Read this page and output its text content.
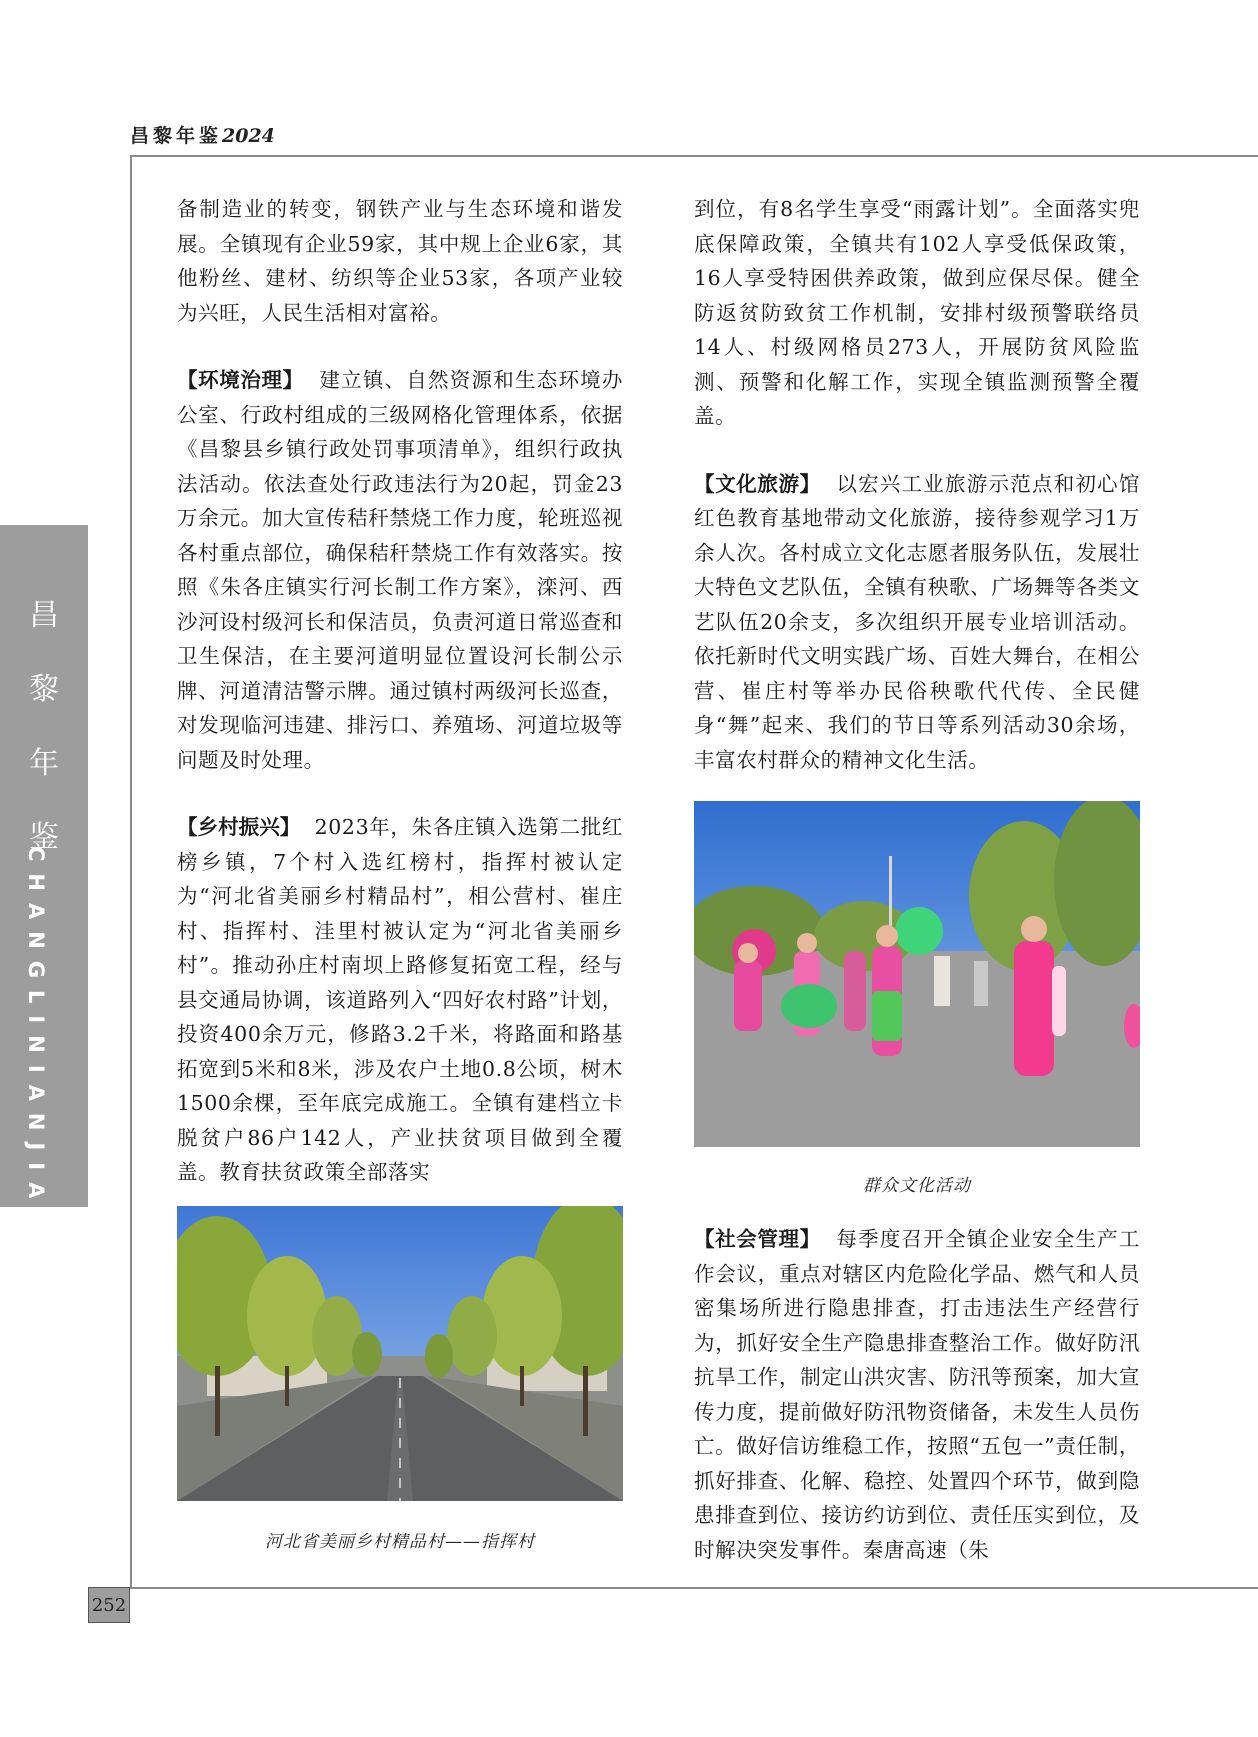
昌黎年鉴2024
昌
黎
年
鉴
CHANGLINIANJIAN
252

备制造业的转变，钢铁产业与生态环境和谐发展。全镇现有企业59家，其中规上企业6家，其他粉丝、建材、纺织等企业53家，各项产业较为兴旺，人民生活相对富裕。

【环境治理】 建立镇、自然资源和生态环境办公室、行政村组成的三级网格化管理体系，依据《昌黎县乡镇行政处罚事项清单》，组织行政执法活动。依法查处行政违法行为20起，罚金23万余元。加大宣传秸秆禁烧工作力度，轮班巡视各村重点部位，确保秸秆禁烧工作有效落实。按照《朱各庄镇实行河长制工作方案》，滦河、西沙河设村级河长和保洁员，负责河道日常巡查和卫生保洁，在主要河道明显位置设河长制公示牌、河道清洁警示牌。通过镇村两级河长巡查，对发现临河违建、排污口、养殖场、河道垃圾等问题及时处理。

【乡村振兴】 2023年，朱各庄镇入选第二批红榜乡镇，7个村入选红榜村，指挥村被认定为“河北省美丽乡村精品村”，相公营村、崔庄村、指挥村、洼里村被认定为“河北省美丽乡村”。推动孙庄村南坝上路修复拓宽工程，经与县交通局协调，该道路列入“四好农村路”计划，投资400余万元，修路3.2千米，将路面和路基拓宽到5米和8米，涉及农户土地0.8公顷，树木1500余棵，至年底完成施工。全镇有建档立卡脱贫户86户142人，产业扶贫项目做到全覆盖。教育扶贫政策全部落实

河北省美丽乡村精品村——指挥村

到位，有8名学生享受“雨露计划”。全面落实兜底保障政策，全镇共有102人享受低保政策，16人享受特困供养政策，做到应保尽保。健全防返贫防致贫工作机制，安排村级预警联络员14人、村级网格员273人，开展防贫风险监测、预警和化解工作，实现全镇监测预警全覆盖。

【文化旅游】 以宏兴工业旅游示范点和初心馆红色教育基地带动文化旅游，接待参观学习1万余人次。各村成立文化志愿者服务队伍，发展壮大特色文艺队伍，全镇有秧歌、广场舞等各类文艺队伍20余支，多次组织开展专业培训活动。依托新时代文明实践广场、百姓大舞台，在相公营、崔庄村等举办民俗秧歌代代传、全民健身“舞”起来、我们的节日等系列活动30余场，丰富农村群众的精神文化生活。

群众文化活动

【社会管理】 每季度召开全镇企业安全生产工作会议，重点对辖区内危险化学品、燃气和人员密集场所进行隐患排查，打击违法生产经营行为，抓好安全生产隐患排查整治工作。做好防汛抗旱工作，制定山洪灾害、防汛等预案，加大宣传力度，提前做好防汛物资储备，未发生人员伤亡。做好信访维稳工作，按照“五包一”责任制，抓好排查、化解、稳控、处置四个环节，做到隐患排查到位、接访约访到位、责任压实到位，及时解决突发事件。秦唐高速（朱
